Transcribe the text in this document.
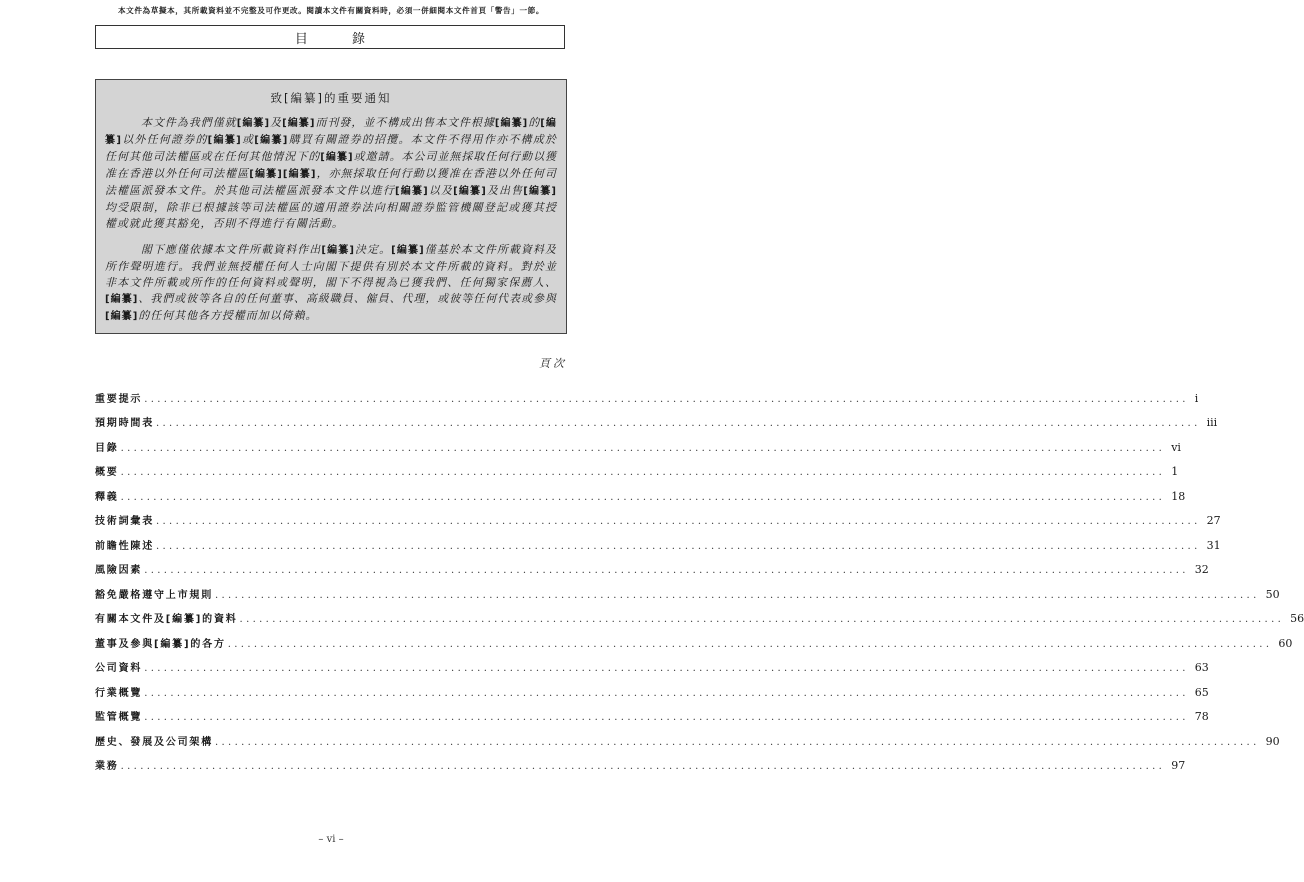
本文件為草擬本，其所載資料並不完整及可作更改。閱讀本文件有關資料時，必須一併細閱本文件首頁「警告」一節。
目 錄
致[編纂]的重要通知

本文件為我們僅就[編纂]及[編纂]而刊發，並不構成出售本文件根據[編纂]的[編纂]以外任何證券的[編纂]或[編纂]購買有關證券的招攬。本文件不得用作亦不構成於任何其他司法權區或在任何其他情況下的[編纂]或邀請。本公司並無採取任何行動以獲准在香港以外任何司法權區[編纂][編纂]，亦無採取任何行動以獲准在香港以外任何司法權區派發本文件。於其他司法權區派發本文件以進行[編纂]以及[編纂]及出售[編纂]均受限制，除非已根據該等司法權區的適用證券法向相關證券監管機關登記或獲其授權或就此獲其豁免，否則不得進行有關活動。

閣下應僅依據本文件所載資料作出[編纂]決定。[編纂]僅基於本文件所載資料及所作聲明進行。我們並無授權任何人士向閣下提供有別於本文件所載的資料。對於並非本文件所載或所作的任何資料或聲明，閣下不得視為已獲我們、任何獨家保薦人、[編纂]、我們或彼等各自的任何董事、高級職員、僱員、代理，或彼等任何代表或參與[編纂]的任何其他各方授權而加以倚賴。

頁次
重要提示 ................................................................................................................................................................ i
預期時間表 ................................................................................................................................................................ iii
目錄 ................................................................................................................................................................ vi
概要 ................................................................................................................................................................ 1
釋義 ................................................................................................................................................................ 18
技術詞彙表 ................................................................................................................................................................ 27
前瞻性陳述 ................................................................................................................................................................ 31
風險因素 ................................................................................................................................................................ 32
豁免嚴格遵守上市規則 ................................................................................................................................................................ 50
有關本文件及[編纂]的資料 ................................................................................................................................................................ 56
董事及參與[編纂]的各方 ................................................................................................................................................................ 60
公司資料 ................................................................................................................................................................ 63
行業概覽 ................................................................................................................................................................ 65
監管概覽 ................................................................................................................................................................ 78
歷史、發展及公司架構 ................................................................................................................................................................ 90
業務 ................................................................................................................................................................ 97
– vi –
